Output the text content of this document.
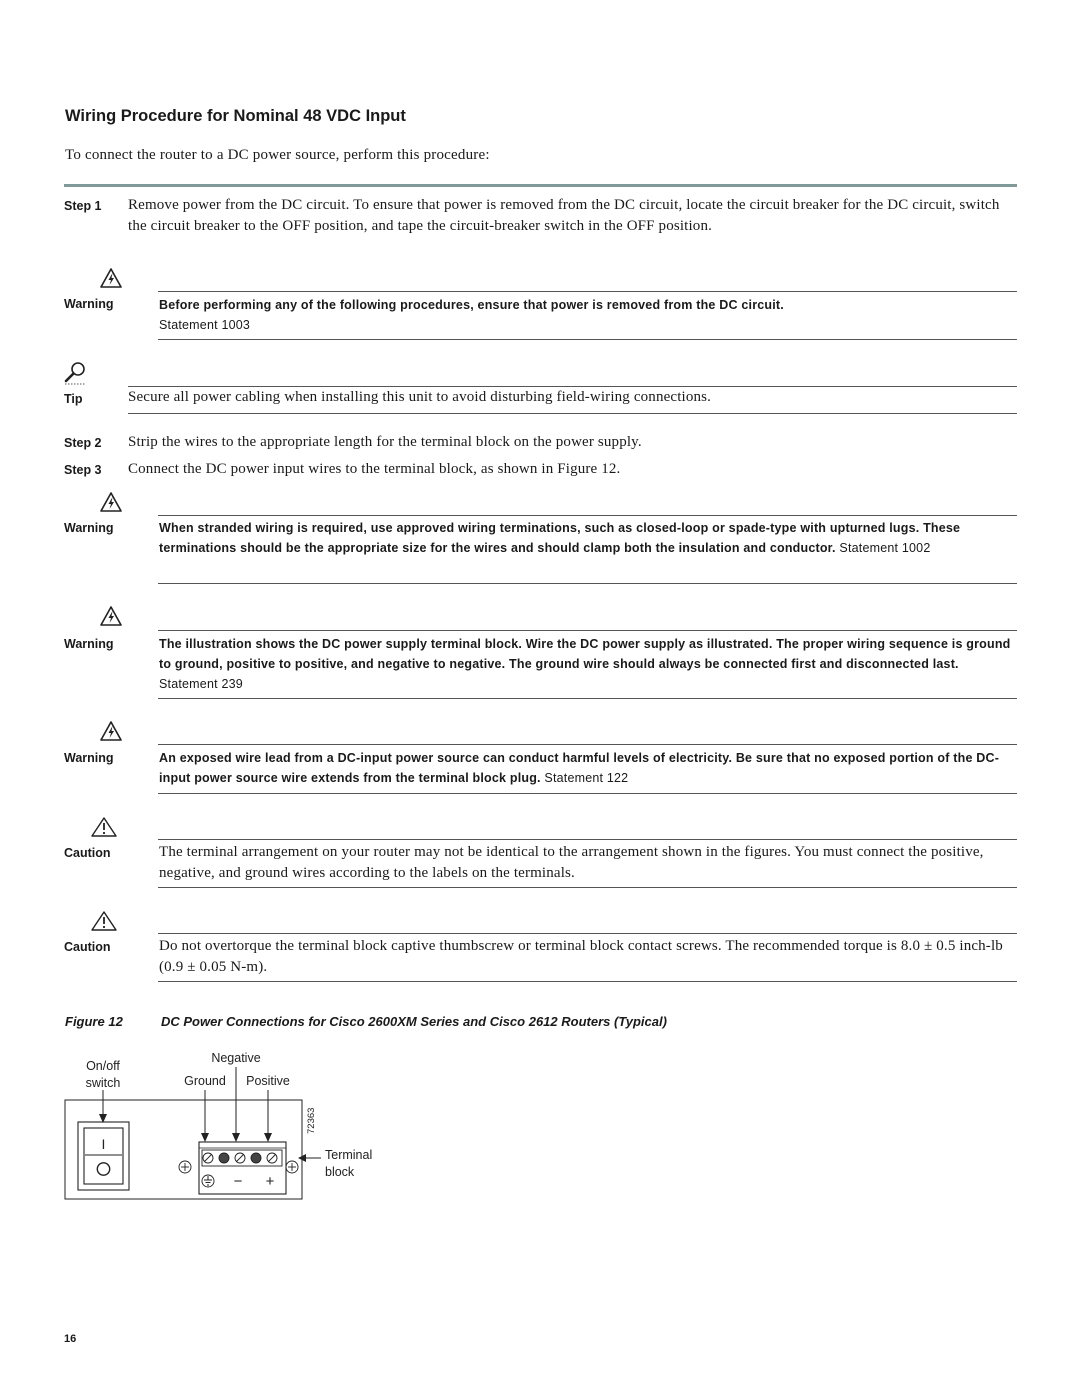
Wiring Procedure for Nominal 48 VDC Input
To connect the router to a DC power source, perform this procedure:
Step 1 Remove power from the DC circuit. To ensure that power is removed from the DC circuit, locate the circuit breaker for the DC circuit, switch the circuit breaker to the OFF position, and tape the circuit-breaker switch in the OFF position.
Warning	Before performing any of the following procedures, ensure that power is removed from the DC circuit.
Statement 1003
Tip	Secure all power cabling when installing this unit to avoid disturbing field-wiring connections.
Step 2 Strip the wires to the appropriate length for the terminal block on the power supply.
Step 3 Connect the DC power input wires to the terminal block, as shown in Figure 12.
Warning	When stranded wiring is required, use approved wiring terminations, such as closed-loop or spade-type with upturned lugs. These terminations should be the appropriate size for the wires and should clamp both the insulation and conductor. Statement 1002
Warning	The illustration shows the DC power supply terminal block. Wire the DC power supply as illustrated. The proper wiring sequence is ground to ground, positive to positive, and negative to negative. The ground wire should always be connected first and disconnected last. Statement 239
Warning	An exposed wire lead from a DC-input power source can conduct harmful levels of electricity. Be sure that no exposed portion of the DC-input power source wire extends from the terminal block plug. Statement 122
Caution	The terminal arrangement on your router may not be identical to the arrangement shown in the figures. You must connect the positive, negative, and ground wires according to the labels on the terminals.
Caution	Do not overtorque the terminal block captive thumbscrew or terminal block contact screws. The recommended torque is 8.0 ± 0.5 inch-lb (0.9 ± 0.05 N-m).
Figure 12	DC Power Connections for Cisco 2600XM Series and Cisco 2612 Routers (Typical)
On/off
switch
Negative
Ground Positive
Terminal
block
72363
I
− +
16
